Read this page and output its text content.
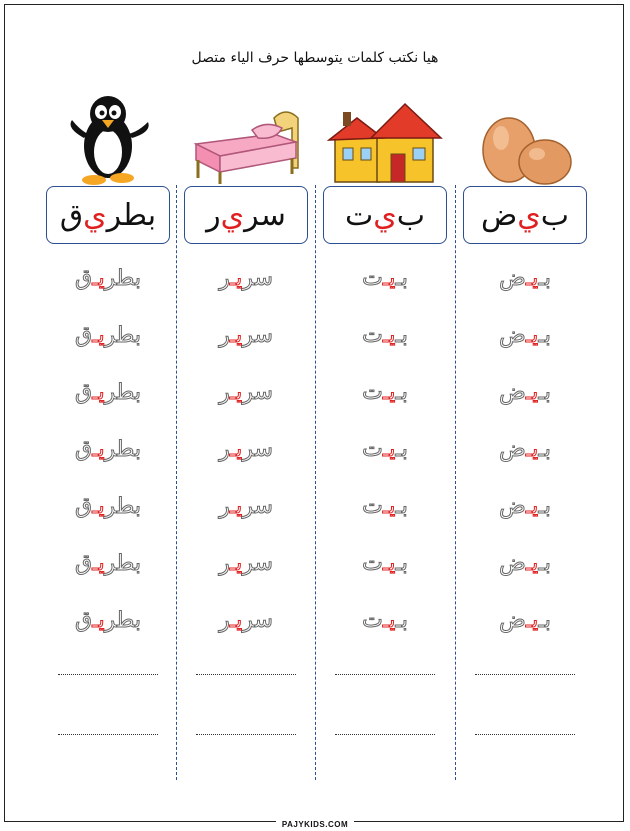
هيا نكتب كلمات يتوسطها حرف الياء متصل
بطر
ي
ق
بطر
يـ
ق
بطر
يـ
ق
بطر
يـ
ق
بطر
يـ
ق
بطر
يـ
ق
بطر
يـ
ق
بطر
يـ
ق
سر
ي
ر
سر
يـ
ر
سر
يـ
ر
سر
يـ
ر
سر
يـ
ر
سر
يـ
ر
سر
يـ
ر
سر
يـ
ر
ب
ي
ت
بـ
يـ
ت
بـ
يـ
ت
بـ
يـ
ت
بـ
يـ
ت
بـ
يـ
ت
بـ
يـ
ت
بـ
يـ
ت
ب
ي
ض
بـ
يـ
ض
بـ
يـ
ض
بـ
يـ
ض
بـ
يـ
ض
بـ
يـ
ض
بـ
يـ
ض
بـ
يـ
ض
PAJYKIDS.COM
